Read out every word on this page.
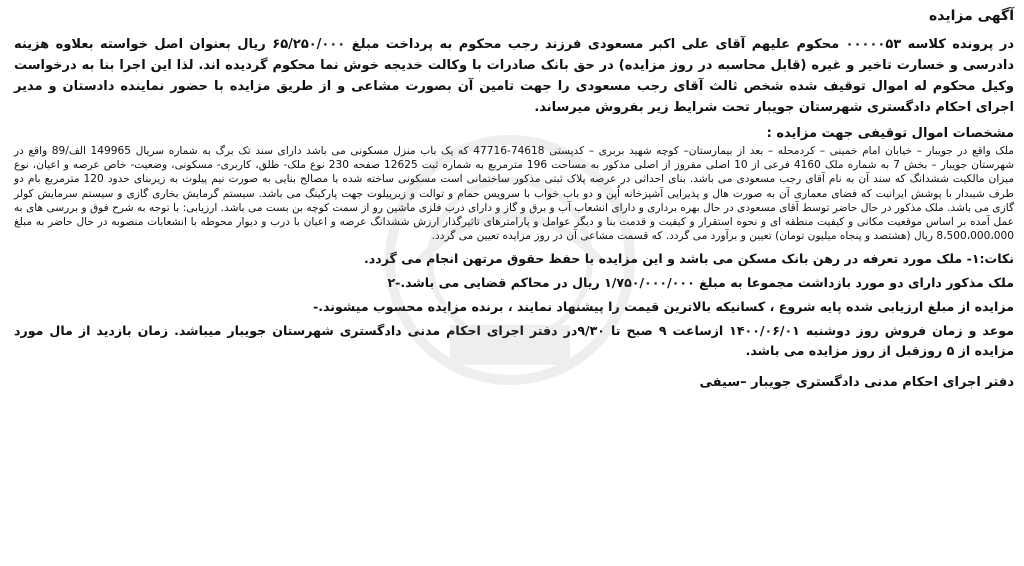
آگهی مزایده

در پرونده کلاسه ۰۰۰۰۰۵۳ محکوم علیهم آقای علی اکبر مسعودی فرزند رجب محکوم به پرداخت مبلغ ۶۵/۲۵۰/۰۰۰ ریال بعنوان اصل خواسته بعلاوه هزینه دادرسی و خسارت تاخیر و غیره (قابل محاسبه در روز مزایده) در حق بانک صادرات با وکالت خدیجه خوش نما محکوم گردیده اند. لذا این اجرا بنا به درخواست وکیل محکوم له اموال توقیف شده شخص ثالث آقای رجب مسعودی را جهت تامین آن بصورت مشاعی و از طریق مزایده با حضور نماینده دادستان و مدیر اجرای احکام دادگستری شهرستان جویبار تحت شرایط زیر بفروش میرساند.

مشخصات اموال توقیفی جهت مزایده :

ملک واقع در جویبار – خیابان امام خمینی – کردمحله – بعد از بیمارستان– کوچه شهید بربری – کدپستی 74618-47716 که یک باب منزل مسکونی می باشد دارای سند تک برگ به شماره سریال 149965 الف/89 واقع در شهرستان جویبار – بخش 7 به شماره ملک 4160 فرعی از 10 اصلی مفروز از اصلی مذکور به مساحت 196 مترمربع به شماره ثبت 12625 صفحه 230 نوع ملک- طلق، کاربری- مسکونی، وضعیت- خاص عرصه و اعیان، نوع میزان مالکیت ششدانگ که سند آن به نام آقای رجب مسعودی می باشد. بنای احداثی در عرصه پلاک ثبتی مذکور ساختمانی است مسکونی ساخته شده با مصالح بنایی به صورت نیم پیلوت به زیربنای حدود 120 مترمربع بام دو طرف شیبدار با پوشش ایرانیت که فضای معماری آن به صورت هال و پذیرایی آشپزخانه اُپن و دو باب خواب با سرویس حمام و توالت و زیرپیلوت جهت پارکینگ می باشد. سیستم گرمایش بخاری گازی و سیستم سرمایش کولر گازی می باشد. ملک مذکور در حال حاضر توسط آقای مسعودی در حال بهره برداری و دارای انشعاب آب و برق و گاز و دارای درب فلزی ماشین رو از سمت کوچه بن بست می باشد. ارزیابی: با توجه به شرح فوق و بررسی های به عمل آمده بر اساس موقعیت مکانی و کیفیت منطقه ای و نحوه استقرار و کیفیت و قدمت بنا و دیگر عوامل و پارامترهای تاثیرگذار ارزش ششدانگ عرصه و اعیان با درب و دیوار محوطه با انشعابات منصوبه در حال حاضر به مبلغ 8،500،000،000 ریال (هشتصد و پنجاه میلیون تومان) تعیین و برآورد می گردد. که قسمت مشاعی آن در روز مزایده تعیین می گردد.

نکات:۱- ملک مورد تعرفه در رهن بانک مسکن می باشد و این مزایده با حفظ حقوق مرتهن انجام می گردد.

ملک مذکور دارای دو مورد بازداشت مجموعا به مبلغ ۱/۷۵۰/۰۰۰/۰۰۰ ریال در محاکم قضایی می باشد.-۲

مزایده از مبلغ ارزیابی شده پایه شروع ، کسانیکه بالاترین قیمت را پیشنهاد نمایند ، برنده مزایده محسوب میشوند.-

موعد و زمان فروش روز دوشنبه ۱۴۰۰/۰۶/۰۱ ازساعت ۹ صبح تا ۹/۳۰در دفتر اجرای احکام مدنی دادگستری شهرستان جویبار میباشد. زمان بازدید از مال مورد مزایده از ۵ روزقبل از روز مزایده می باشد.

دفتر اجرای احکام مدنی دادگستری جویبار –سیفی
